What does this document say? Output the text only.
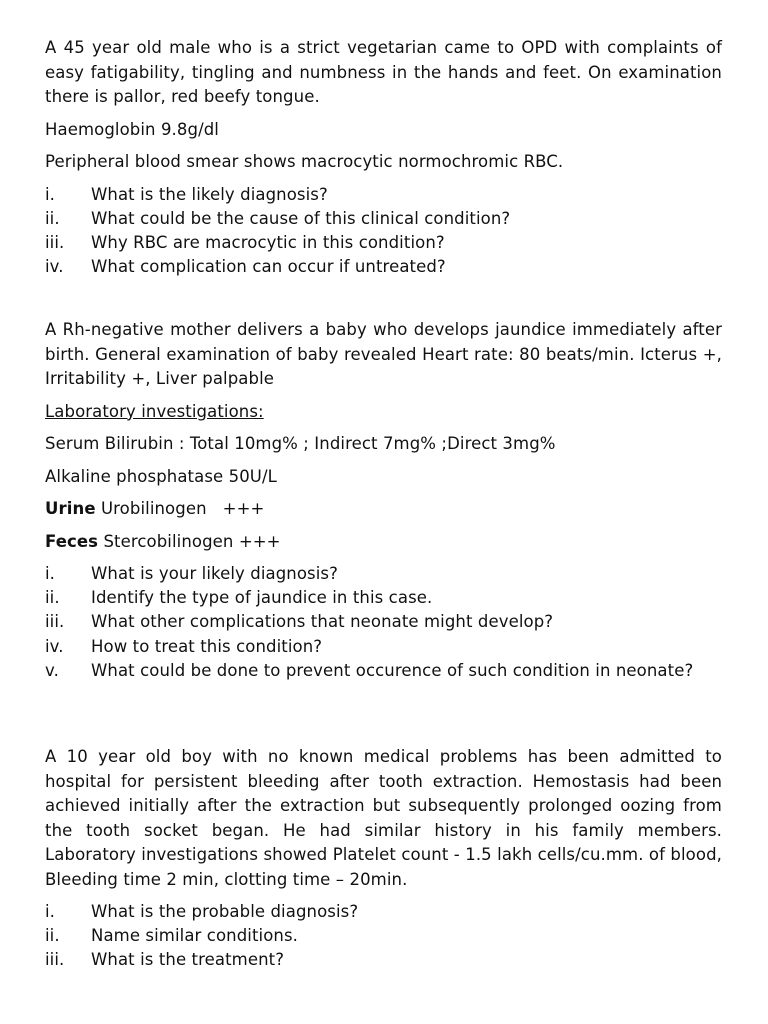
A 45 year old male who is a strict vegetarian came to OPD with complaints of easy fatigability, tingling and numbness in the hands and feet. On examination there is pallor, red beefy tongue.

Haemoglobin 9.8g/dl

Peripheral blood smear shows macrocytic normochromic RBC.

i.	What is the likely diagnosis?
ii.	What could be the cause of this clinical condition?
iii. Why RBC are macrocytic in this condition?
iv. What complication can occur if untreated?

A Rh-negative mother delivers a baby who develops jaundice immediately after birth. General examination of baby revealed Heart rate: 80 beats/min. Icterus +, Irritability +, Liver palpable

Laboratory investigations:

Serum Bilirubin : Total 10mg% ; Indirect 7mg% ;Direct 3mg%

Alkaline phosphatase 50U/L

Urine Urobilinogen   +++

Feces Stercobilinogen +++

i.	What is your likely diagnosis?
ii.	Identify the type of jaundice in this case.
iii. What other complications that neonate might develop?
iv. How to treat this condition?
v.	What could be done to prevent occurence of such condition in neonate?

A 10 year old boy with no known medical problems has been admitted to hospital for persistent bleeding after tooth extraction. Hemostasis had been achieved initially after the extraction but subsequently prolonged oozing from the tooth socket began. He had similar history in his family members. Laboratory investigations showed Platelet count - 1.5 lakh cells/cu.mm. of blood, Bleeding time 2 min, clotting time – 20min.

i.	What is the probable diagnosis?
ii.	Name similar conditions.
iii. What is the treatment?
